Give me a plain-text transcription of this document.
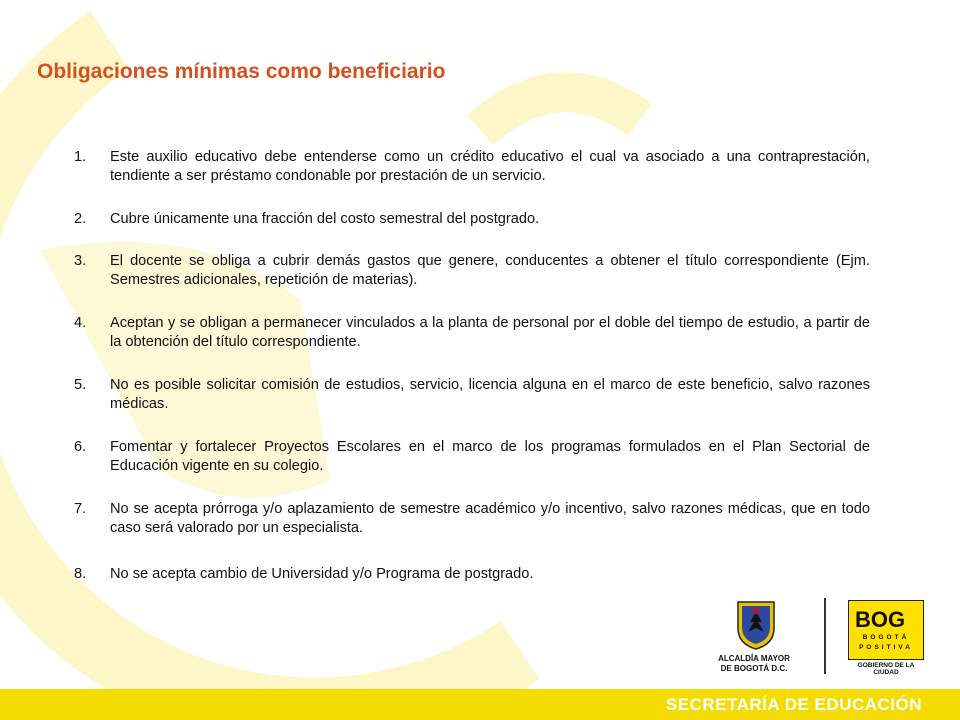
Obligaciones mínimas como beneficiario
1.	Este auxilio educativo debe entenderse como un crédito educativo el cual va asociado a una contraprestación, tendiente a ser préstamo condonable por prestación de un servicio.
2.	Cubre únicamente una fracción del costo semestral del postgrado.
3.	El docente se obliga a cubrir demás gastos que genere, conducentes a obtener el título correspondiente (Ejm. Semestres adicionales, repetición de materias).
4.	Aceptan y se obligan a permanecer vinculados a la planta de personal por el doble del tiempo de estudio, a partir de la obtención del título correspondiente.
5.	No es posible solicitar comisión de estudios, servicio, licencia alguna en el marco de este beneficio, salvo razones médicas.
6.	Fomentar y fortalecer Proyectos Escolares en el marco de los programas formulados en el Plan Sectorial de Educación vigente en su colegio.
7.	No se acepta prórroga y/o aplazamiento de semestre académico y/o incentivo, salvo razones médicas, que en todo caso será valorado por un especialista.
8.	No se acepta cambio de Universidad y/o Programa de postgrado.
ALCALDÍA MAYOR
DE BOGOTÁ D.C.
BOG
BOGOTÁ
POSITIVA
GOBIERNO DE LA CIUDAD
SECRETARÍA DE EDUCACIÓN
